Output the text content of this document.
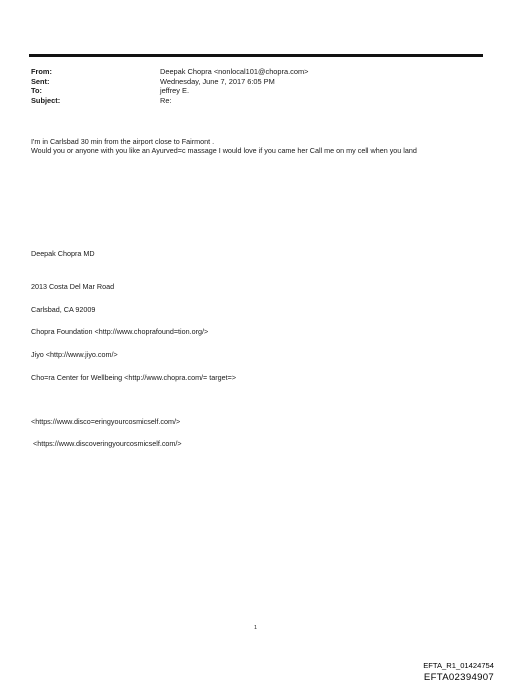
From:	Deepak Chopra <nonlocal101@chopra.com>
Sent:	Wednesday, June 7, 2017 6:05 PM
To:	jeffrey E.
Subject:	Re:

I'm in Carlsbad 30 min from the airport close to Fairmont .

Would you or anyone with you like an Ayurved=c massage I would love if you came her Call me on my cell when you land

Deepak Chopra MD
2013 Costa Del Mar Road
Carlsbad, CA 92009
Chopra Foundation <http://www.choprafound=tion.org/>
Jiyo <http://www.jiyo.com/>
Cho=ra Center for Wellbeing <http://www.chopra.com/= target=>
<https://www.disco=eringyourcosmicself.com/>
<https://www.discoveringyourcosmicself.com/>
1
EFTA_R1_01424754
EFTA02394907
